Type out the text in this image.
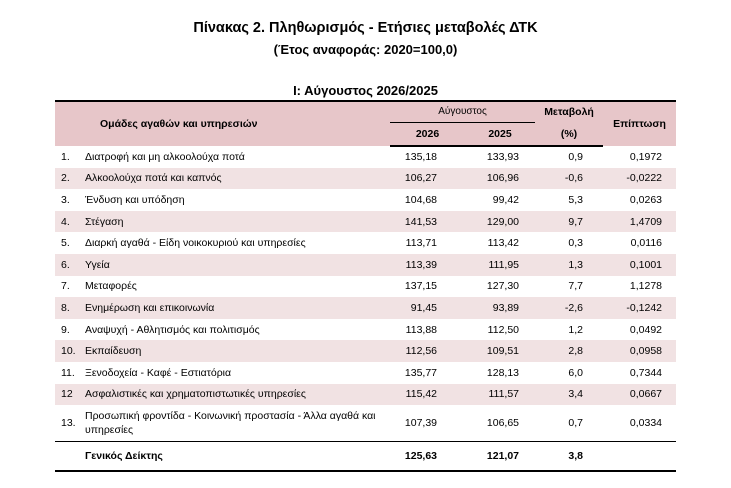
Πίνακας 2. Πληθωρισμός - Ετήσιες μεταβολές ΔΤΚ
(Έτος αναφοράς: 2020=100,0)
Ι: Αύγουστος 2026/2025
Ομάδες αγαθών και υπηρεσιών		Αύγουστος		Μεταβολή	Επίπτωση
		2026	2025	(%)	
1.	Διατροφή και μη αλκοολούχα ποτά	135,18	133,93	0,9	0,1972
2.	Αλκοολούχα ποτά και καπνός	106,27	106,96	-0,6	-0,0222
3.	Ένδυση και υπόδηση	104,68	99,42	5,3	0,0263
4.	Στέγαση	141,53	129,00	9,7	1,4709
5.	Διαρκή αγαθά - Είδη νοικοκυριού και υπηρεσίες	113,71	113,42	0,3	0,0116
6.	Υγεία	113,39	111,95	1,3	0,1001
7.	Μεταφορές	137,15	127,30	7,7	1,1278
8.	Ενημέρωση και επικοινωνία	91,45	93,89	-2,6	-0,1242
9.	Αναψυχή - Αθλητισμός και πολιτισμός	113,88	112,50	1,2	0,0492
10.	Εκπαίδευση	112,56	109,51	2,8	0,0958
11.	Ξενοδοχεία - Καφέ - Εστιατόρια	135,77	128,13	6,0	0,7344
12	Ασφαλιστικές και χρηματοπιστωτικές υπηρεσίες	115,42	111,57	3,4	0,0667
13.	Προσωπική φροντίδα - Κοινωνική προστασία - Άλλα αγαθά και υπηρεσίες	107,39	106,65	0,7	0,0334
	Γενικός Δείκτης	125,63	121,07	3,8	
